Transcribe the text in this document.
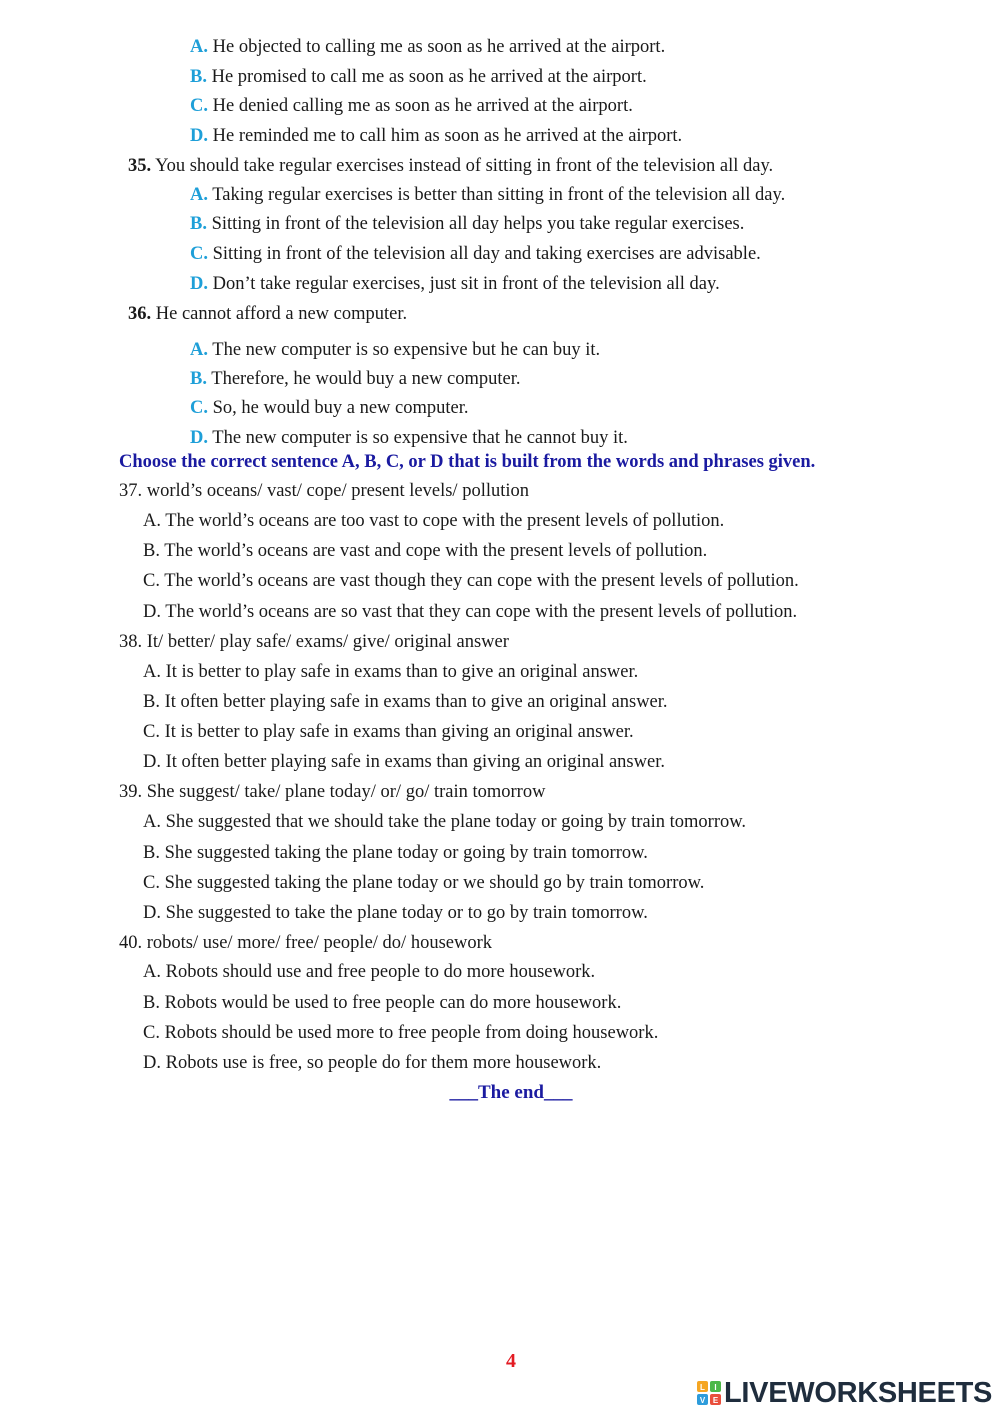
A. He objected to calling me as soon as he arrived at the airport.
B. He promised to call me as soon as he arrived at the airport.
C. He denied calling me as soon as he arrived at the airport.
D. He reminded me to call him as soon as he arrived at the airport.
35. You should take regular exercises instead of sitting in front of the television all day.
A. Taking regular exercises is better than sitting in front of the television all day.
B. Sitting in front of the television all day helps you take regular exercises.
C. Sitting in front of the television all day and taking exercises are advisable.
D. Don’t take regular exercises, just sit in front of the television all day.
36. He cannot afford a new computer.
A. The new computer is so expensive but he can buy it.
B. Therefore, he would buy a new computer.
C. So, he would buy a new computer.
D. The new computer is so expensive that he cannot buy it.
Choose the correct sentence A, B, C, or D that is built from the words and phrases given.
37. world’s oceans/ vast/ cope/ present levels/ pollution
A. The world’s oceans are too vast to cope with the present levels of pollution.
B. The world’s oceans are vast and cope with the present levels of pollution.
C. The world’s oceans are vast though they can cope with the present levels of pollution.
D. The world’s oceans are so vast that they can cope with the present levels of pollution.
38. It/ better/ play safe/ exams/ give/ original answer
A. It is better to play safe in exams than to give an original answer.
B. It often better playing safe in exams than to give an original answer.
C. It is better to play safe in exams than giving an original answer.
D. It often better playing safe in exams than giving an original answer.
39. She suggest/ take/ plane today/ or/ go/ train tomorrow
A. She suggested that we should take the plane today or going by train tomorrow.
B. She suggested taking the plane today or going by train tomorrow.
C. She suggested taking the plane today or we should go by train tomorrow.
D. She suggested to take the plane today or to go by train tomorrow.
40. robots/ use/ more/ free/ people/ do/ housework
A. Robots should use and free people to do more housework.
B. Robots would be used to free people can do more housework.
C. Robots should be used more to free people from doing housework.
D. Robots use is free, so people do for them more housework.
___The end___
4
L I
V E LIVEWORKSHEETS
